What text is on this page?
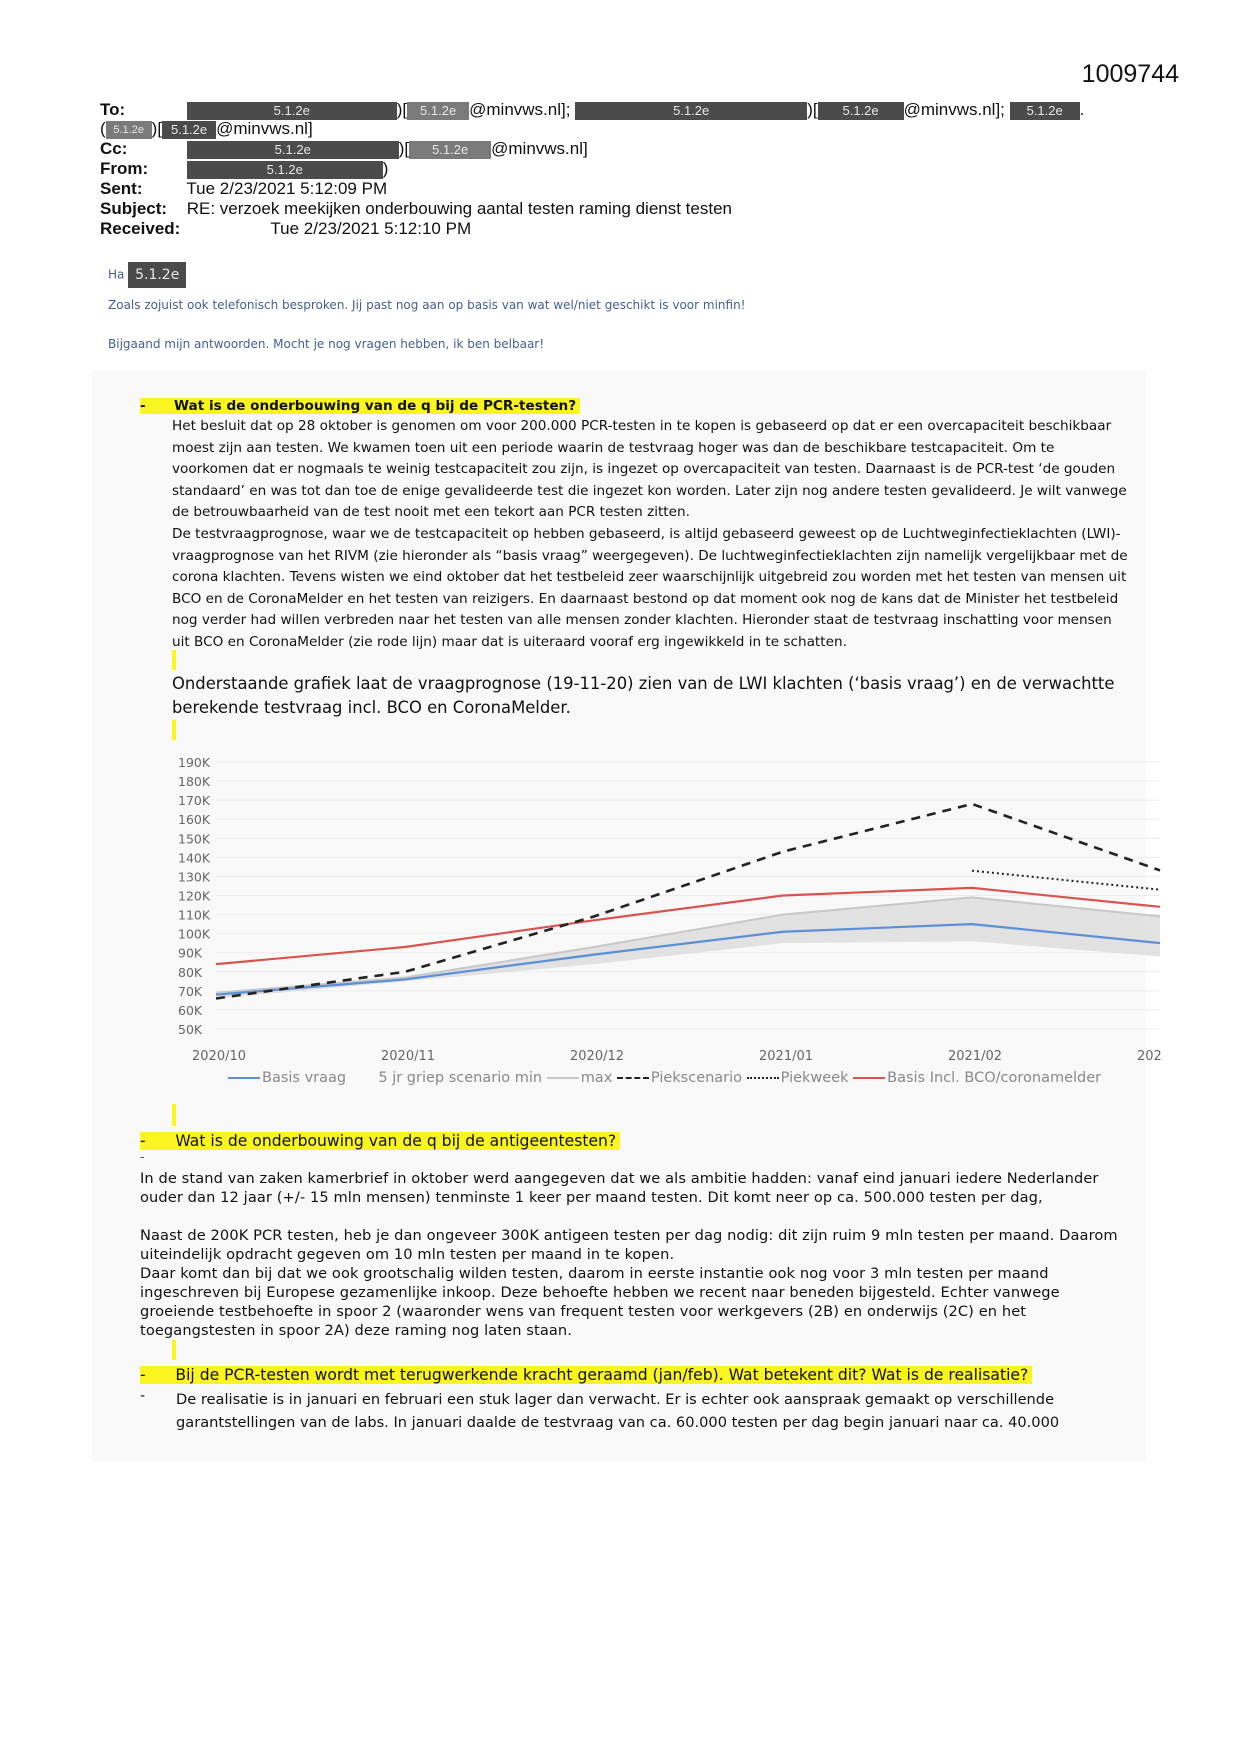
1009744
To:	5.1.2e	)[ 5.1.2e @minvws.nl];	5.1.2e	)[ 5.1.2e @minvws.nl]; 5.1.2e .
( 5.1.2e )[ 5.1.2e @minvws.nl]
Cc:	5.1.2e	)[ 5.1.2e @minvws.nl]
From:	5.1.2e	)
Sent:	Tue 2/23/2021 5:12:09 PM
Subject: RE: verzoek meekijken onderbouwing aantal testen raming dienst testen
Received:	Tue 2/23/2021 5:12:10 PM
Ha 5.1.2e
Zoals zojuist ook telefonisch besproken. Jij past nog aan op basis van wat wel/niet geschikt is voor minfin!
Bijgaand mijn antwoorden. Mocht je nog vragen hebben, ik ben belbaar!
-      Wat is de onderbouwing van de q bij de PCR-testen?
Het besluit dat op 28 oktober is genomen om voor 200.000 PCR-testen in te kopen is gebaseerd op dat er een overcapaciteit beschikbaar moest zijn aan testen. We kwamen toen uit een periode waarin de testvraag hoger was dan de beschikbare testcapaciteit. Om te voorkomen dat er nogmaals te weinig testcapaciteit zou zijn, is ingezet op overcapaciteit van testen. Daarnaast is de PCR-test ‘de gouden standaard’ en was tot dan toe de enige gevalideerde test die ingezet kon worden. Later zijn nog andere testen gevalideerd. Je wilt vanwege de betrouwbaarheid van de test nooit met een tekort aan PCR testen zitten.
De testvraagprognose, waar we de testcapaciteit op hebben gebaseerd, is altijd gebaseerd geweest op de Luchtweginfectieklachten (LWI)- vraagprognose van het RIVM (zie hieronder als “basis vraag” weergegeven). De luchtweginfectieklachten zijn namelijk vergelijkbaar met de corona klachten. Tevens wisten we eind oktober dat het testbeleid zeer waarschijnlijk uitgebreid zou worden met het testen van mensen uit BCO en de CoronaMelder en het testen van reizigers. En daarnaast bestond op dat moment ook nog de kans dat de Minister het testbeleid nog verder had willen verbreden naar het testen van alle mensen zonder klachten. Hieronder staat de testvraag inschatting voor mensen uit BCO en CoronaMelder (zie rode lijn) maar dat is uiteraard vooraf erg ingewikkeld in te schatten.
Onderstaande grafiek laat de vraagprognose (19-11-20) zien van de LWI klachten (‘basis vraag’) en de verwachtte berekende testvraag incl. BCO en CoronaMelder.
190K
180K
170K
160K
150K
140K
130K
120K
110K
100K
90K
80K
70K
60K
50K
2020/10	2020/11	2020/12	2021/01	2021/02	202
Basis vraag 5 jr griep scenario min	max	Piekscenario	Piekweek	Basis Incl. BCO/coronamelder
-      Wat is de onderbouwing van de q bij de antigeentesten?
-
In de stand van zaken kamerbrief in oktober werd aangegeven dat we als ambitie hadden: vanaf eind januari iedere Nederlander ouder dan 12 jaar (+/- 15 mln mensen) tenminste 1 keer per maand testen. Dit komt neer op ca. 500.000 testen per dag,
Naast de 200K PCR testen, heb je dan ongeveer 300K antigeen testen per dag nodig: dit zijn ruim 9 mln testen per maand. Daarom uiteindelijk opdracht gegeven om 10 mln testen per maand in te kopen.
Daar komt dan bij dat we ook grootschalig wilden testen, daarom in eerste instantie ook nog voor 3 mln testen per maand ingeschreven bij Europese gezamenlijke inkoop. Deze behoefte hebben we recent naar beneden bijgesteld. Echter vanwege groeiende testbehoefte in spoor 2 (waaronder wens van frequent testen voor werkgevers (2B) en onderwijs (2C) en het toegangstesten in spoor 2A) deze raming nog laten staan.
-      Bij de PCR-testen wordt met terugwerkende kracht geraamd (jan/feb). Wat betekent dit? Wat is de realisatie?
- De realisatie is in januari en februari een stuk lager dan verwacht. Er is echter ook aanspraak gemaakt op verschillende garantstellingen van de labs. In januari daalde de testvraag van ca. 60.000 testen per dag begin januari naar ca. 40.000
